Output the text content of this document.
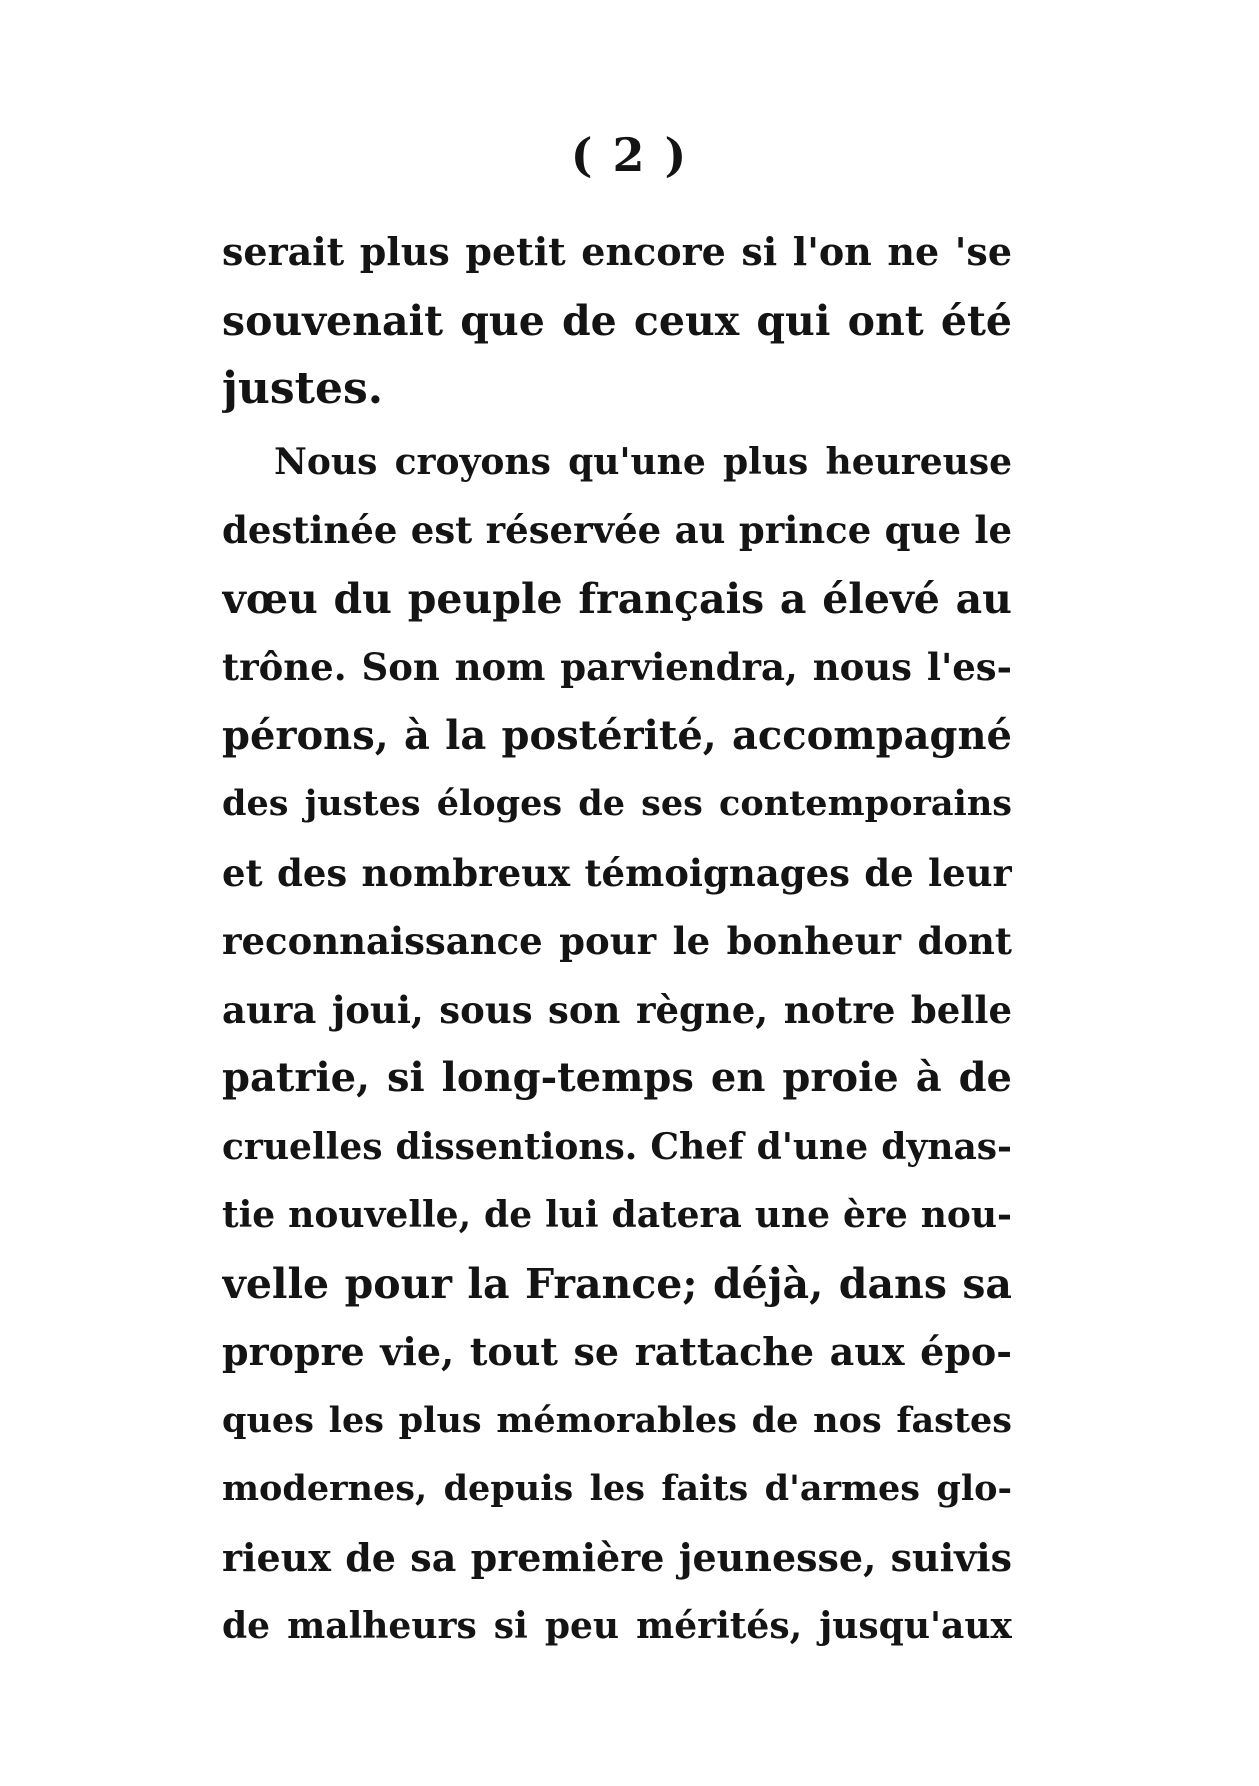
( 2 )
serait plus petit encore si l'on ne 'se
souvenait que de ceux qui ont été
justes.
Nous croyons qu'une plus heureuse
destinée est réservée au prince que le
vœu du peuple français a élevé au
trône. Son nom parviendra, nous l'es-
pérons, à la postérité, accompagné
des justes éloges de ses contemporains
et des nombreux témoignages de leur
reconnaissance pour le bonheur dont
aura joui, sous son règne, notre belle
patrie, si long-temps en proie à de
cruelles dissentions. Chef d'une dynas-
tie nouvelle, de lui datera une ère nou-
velle pour la France; déjà, dans sa
propre vie, tout se rattache aux épo-
ques les plus mémorables de nos fastes
modernes, depuis les faits d'armes glo-
rieux de sa première jeunesse, suivis
de malheurs si peu mérités, jusqu'aux
